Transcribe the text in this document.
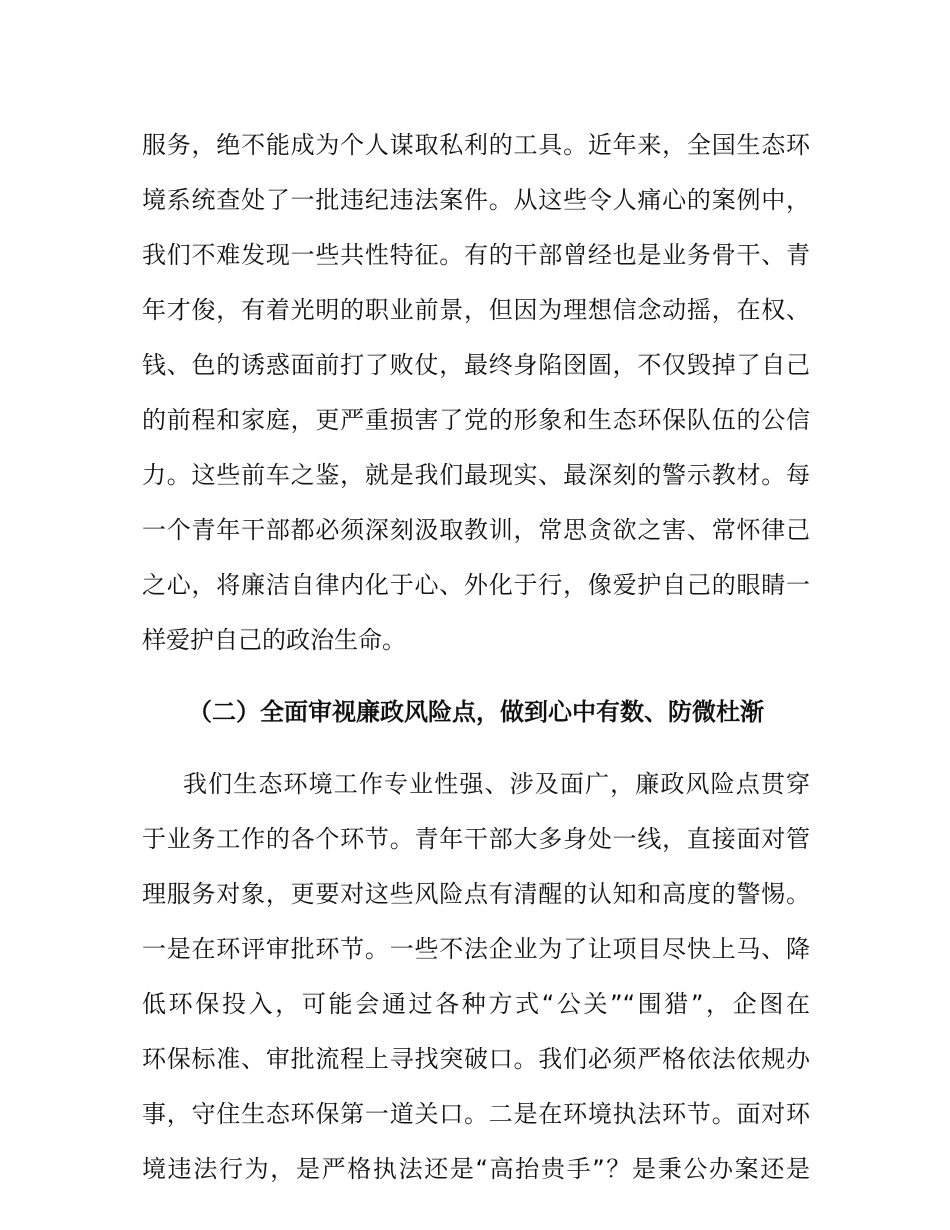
服务，绝不能成为个人谋取私利的工具。近年来，全国生态环
境系统查处了一批违纪违法案件。从这些令人痛心的案例中，
我们不难发现一些共性特征。有的干部曾经也是业务骨干、青
年才俊，有着光明的职业前景，但因为理想信念动摇，在权、
钱、色的诱惑面前打了败仗，最终身陷囹圄，不仅毁掉了自己
的前程和家庭，更严重损害了党的形象和生态环保队伍的公信
力。这些前车之鉴，就是我们最现实、最深刻的警示教材。每
一个青年干部都必须深刻汲取教训，常思贪欲之害、常怀律己
之心，将廉洁自律内化于心、外化于行，像爱护自己的眼睛一
样爱护自己的政治生命。
（二）全面审视廉政风险点，做到心中有数、防微杜渐
我们生态环境工作专业性强、涉及面广，廉政风险点贯穿
于业务工作的各个环节。青年干部大多身处一线，直接面对管
理服务对象，更要对这些风险点有清醒的认知和高度的警惕。
一是在环评审批环节。一些不法企业为了让项目尽快上马、降
低环保投入，可能会通过各种方式“公关”“围猎”，企图在
环保标准、审批流程上寻找突破口。我们必须严格依法依规办
事，守住生态环保第一道关口。二是在环境执法环节。面对环
境违法行为，是严格执法还是“高抬贵手”？是秉公办案还是
